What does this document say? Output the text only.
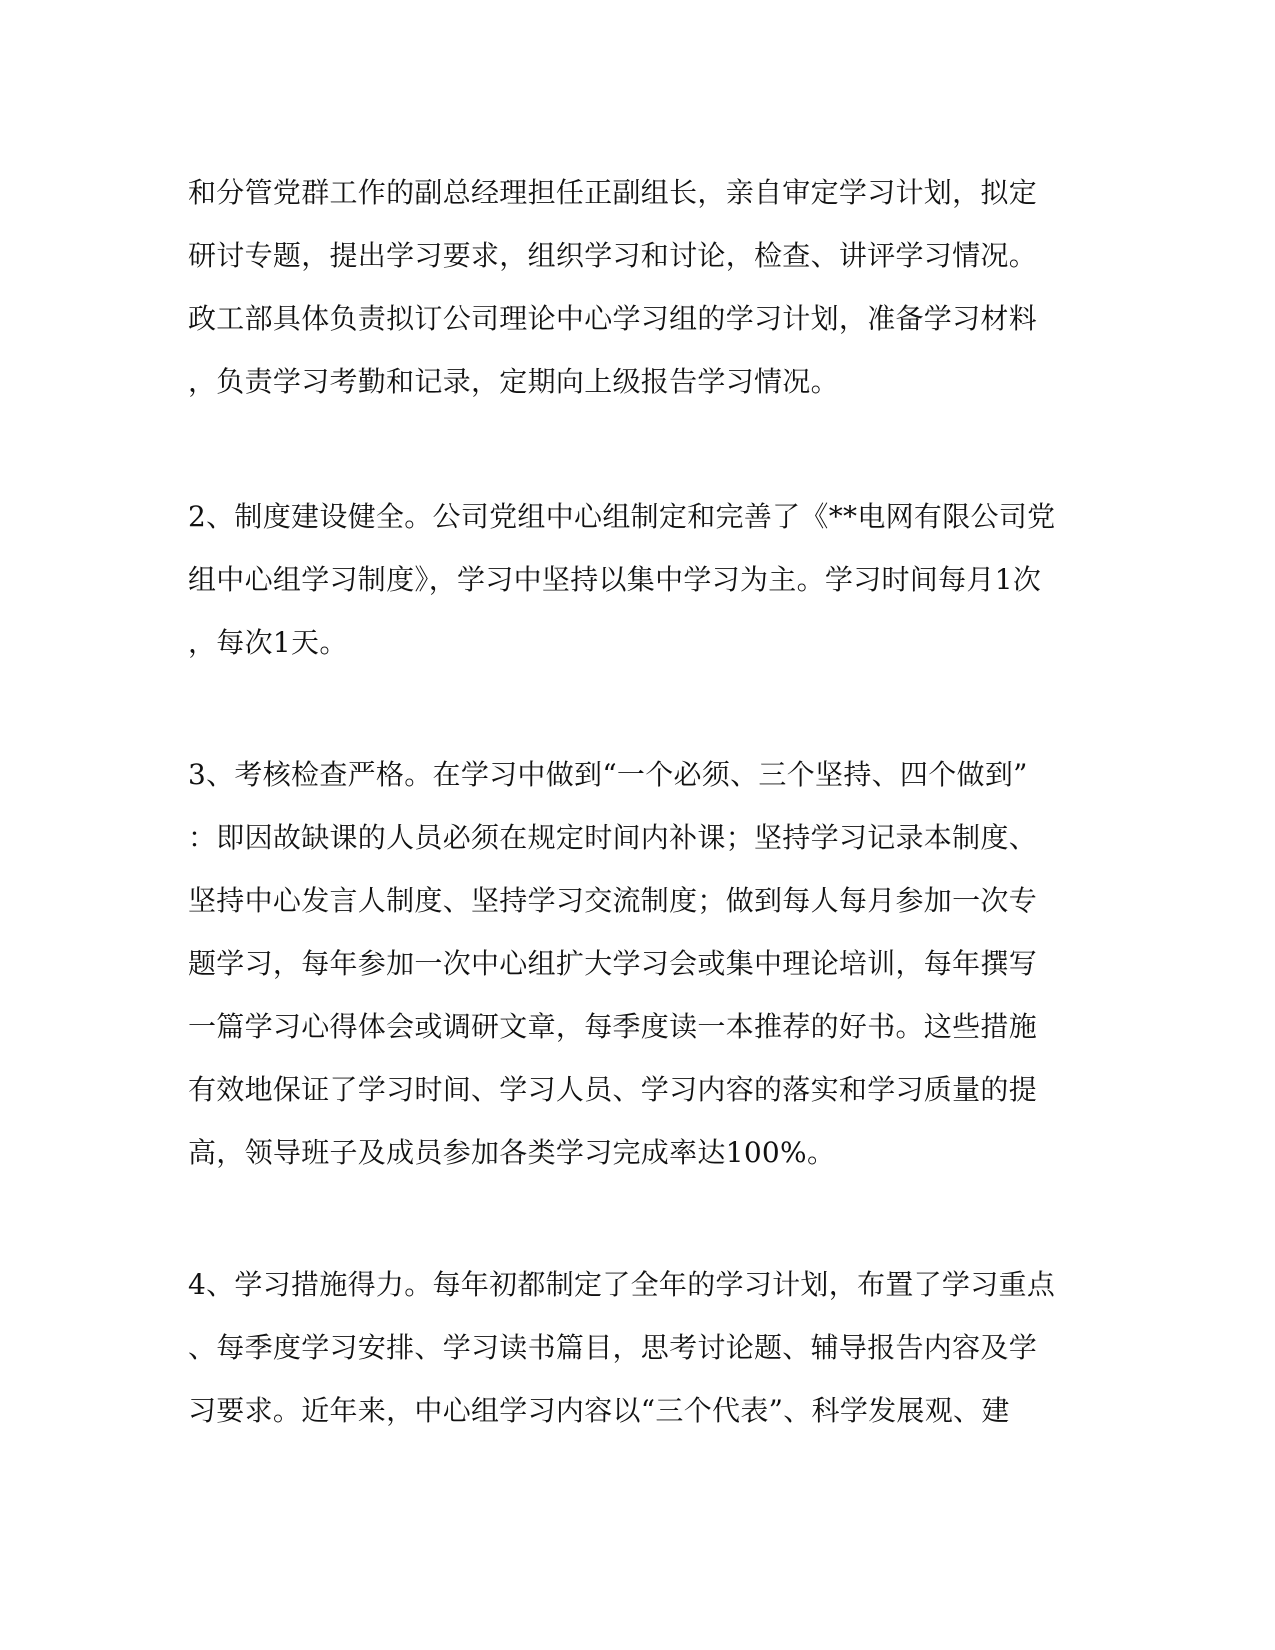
和分管党群工作的副总经理担任正副组长，亲自审定学习计划，拟定
研讨专题，提出学习要求，组织学习和讨论，检查、讲评学习情况。
政工部具体负责拟订公司理论中心学习组的学习计划，准备学习材料
，负责学习考勤和记录，定期向上级报告学习情况。
2、制度建设健全。公司党组中心组制定和完善了《**电网有限公司党
组中心组学习制度》，学习中坚持以集中学习为主。学习时间每月1次
，每次1天。
3、考核检查严格。在学习中做到“一个必须、三个坚持、四个做到”
：即因故缺课的人员必须在规定时间内补课；坚持学习记录本制度、
坚持中心发言人制度、坚持学习交流制度；做到每人每月参加一次专
题学习，每年参加一次中心组扩大学习会或集中理论培训，每年撰写
一篇学习心得体会或调研文章，每季度读一本推荐的好书。这些措施
有效地保证了学习时间、学习人员、学习内容的落实和学习质量的提
高，领导班子及成员参加各类学习完成率达100%。
4、学习措施得力。每年初都制定了全年的学习计划，布置了学习重点
、每季度学习安排、学习读书篇目，思考讨论题、辅导报告内容及学
习要求。近年来，中心组学习内容以“三个代表”、科学发展观、建
